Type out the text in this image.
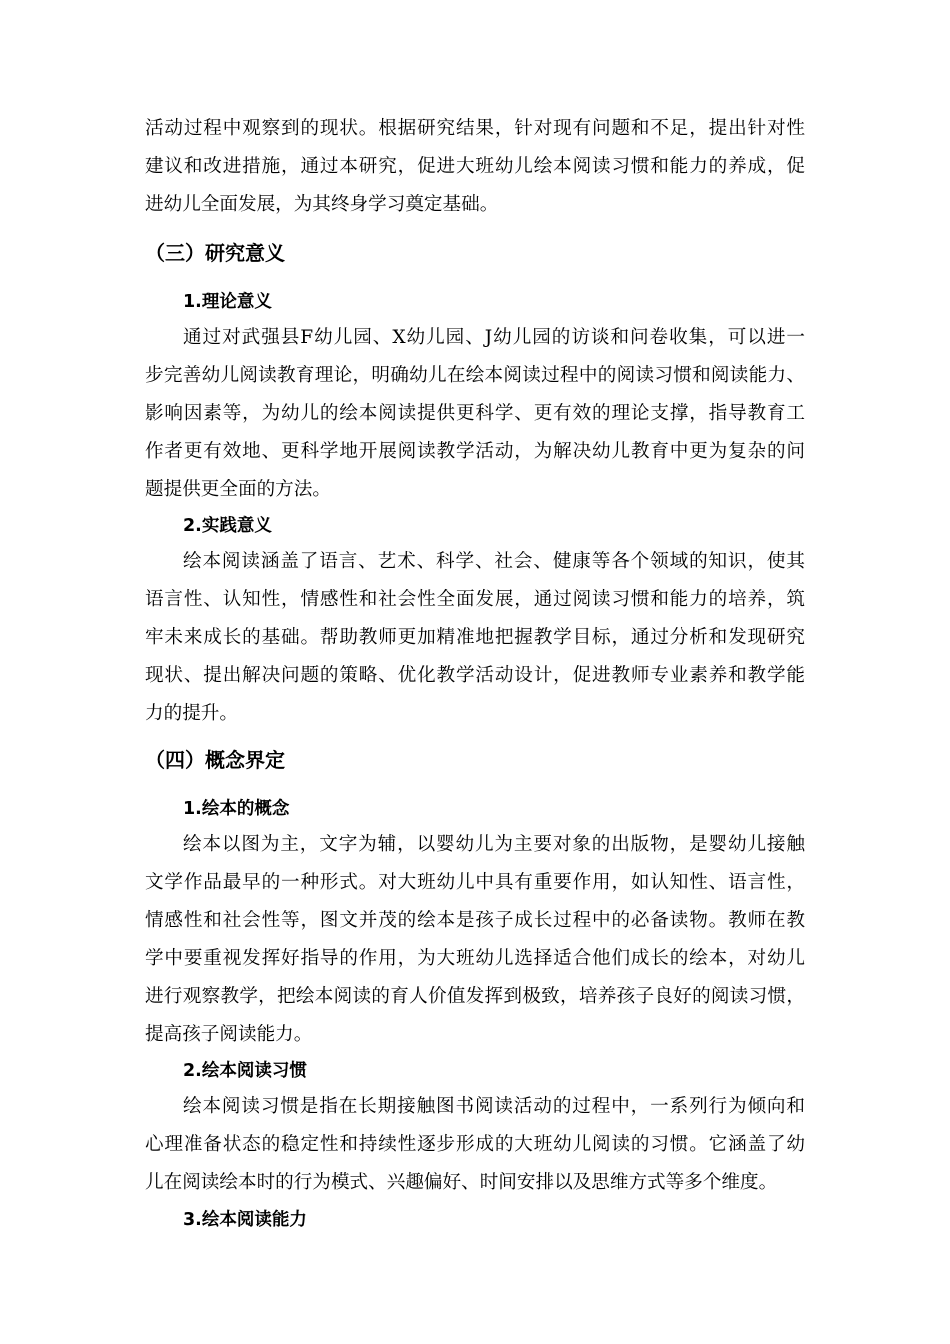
活动过程中观察到的现状。根据研究结果，针对现有问题和不足，提出针对性
建议和改进措施，通过本研究，促进大班幼儿绘本阅读习惯和能力的养成，促
进幼儿全面发展，为其终身学习奠定基础。
（三）研究意义
1.理论意义
通过对武强县F幼儿园、X幼儿园、J幼儿园的访谈和问卷收集，可以进一
步完善幼儿阅读教育理论，明确幼儿在绘本阅读过程中的阅读习惯和阅读能力、
影响因素等，为幼儿的绘本阅读提供更科学、更有效的理论支撑，指导教育工
作者更有效地、更科学地开展阅读教学活动，为解决幼儿教育中更为复杂的问
题提供更全面的方法。
2.实践意义
绘本阅读涵盖了语言、艺术、科学、社会、健康等各个领域的知识，使其
语言性、认知性，情感性和社会性全面发展，通过阅读习惯和能力的培养，筑
牢未来成长的基础。帮助教师更加精准地把握教学目标，通过分析和发现研究
现状、提出解决问题的策略、优化教学活动设计，促进教师专业素养和教学能
力的提升。
（四）概念界定
1.绘本的概念
绘本以图为主，文字为辅，以婴幼儿为主要对象的出版物，是婴幼儿接触
文学作品最早的一种形式。对大班幼儿中具有重要作用，如认知性、语言性，
情感性和社会性等，图文并茂的绘本是孩子成长过程中的必备读物。教师在教
学中要重视发挥好指导的作用，为大班幼儿选择适合他们成长的绘本，对幼儿
进行观察教学，把绘本阅读的育人价值发挥到极致，培养孩子良好的阅读习惯，
提高孩子阅读能力。
2.绘本阅读习惯
绘本阅读习惯是指在长期接触图书阅读活动的过程中，一系列行为倾向和
心理准备状态的稳定性和持续性逐步形成的大班幼儿阅读的习惯。它涵盖了幼
儿在阅读绘本时的行为模式、兴趣偏好、时间安排以及思维方式等多个维度。
3.绘本阅读能力
